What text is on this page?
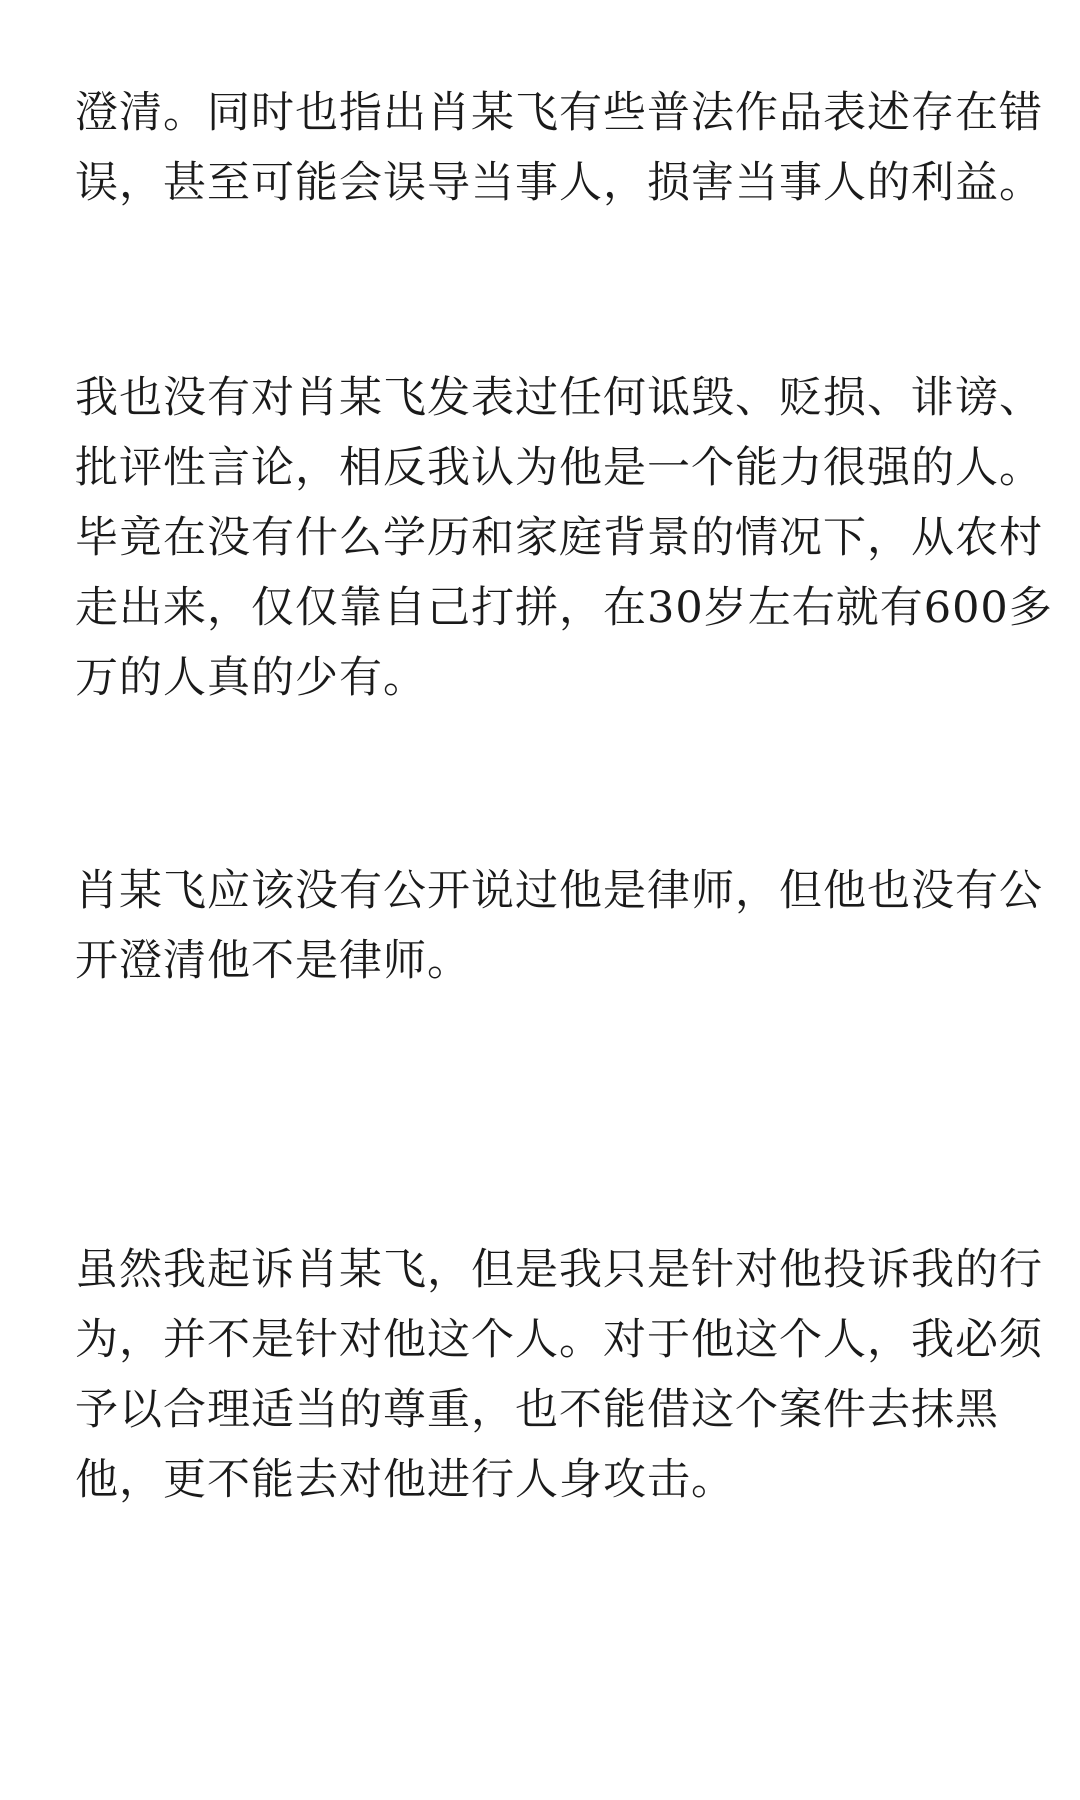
澄清。同时也指出肖某飞有些普法作品表述存在错
误，甚至可能会误导当事人，损害当事人的利益。
我也没有对肖某飞发表过任何诋毁、贬损、诽谤、
批评性言论，相反我认为他是一个能力很强的人。
毕竟在没有什么学历和家庭背景的情况下，从农村
走出来，仅仅靠自己打拼，在30岁左右就有600多
万的人真的少有。
肖某飞应该没有公开说过他是律师，但他也没有公
开澄清他不是律师。
虽然我起诉肖某飞，但是我只是针对他投诉我的行
为，并不是针对他这个人。对于他这个人，我必须
予以合理适当的尊重，也不能借这个案件去抹黑
他，更不能去对他进行人身攻击。
